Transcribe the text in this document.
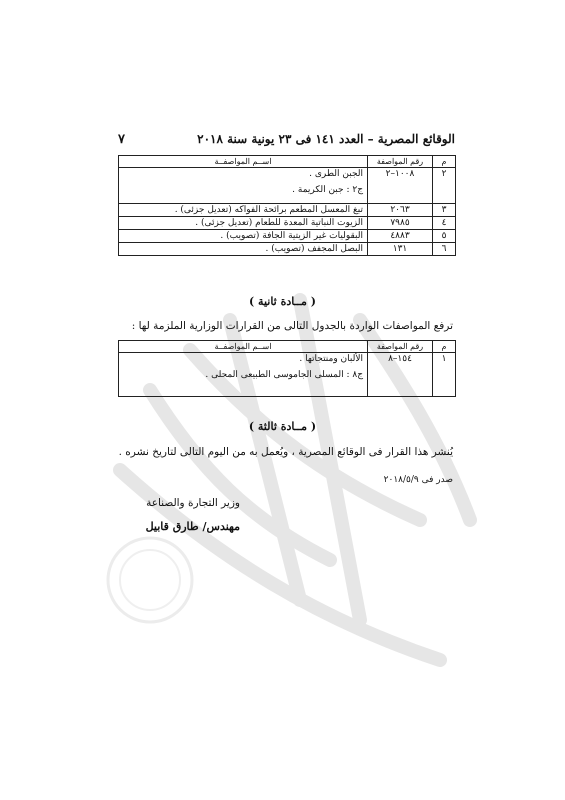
الوقائع المصرية – العدد ١٤١ فى ٢٣ يونية سنة ٢٠١٨
٧
م	رقم المواصفة	اســم المواصفــة
٢	١٠٠٨–٢	الجبن الطرى .
ج٢ : جبن الكريمة .

٣	٢٠٦٣	تبغ المعسل المطعم برائحة الفواكه (تعديل جزئى) .
٤	٧٩٨٥	الزيوت النباتية المعدة للطعام (تعديل جزئى) .
٥	٤٨٨٣	البقوليات غير الزيتية الجافة (تصويب) .
٦	١٣١	البصل المجفف (تصويب) .
( مــادة ثانية )
ترفع المواصفات الواردة بالجدول التالى من القرارات الوزارية الملزمة لها :
م	رقم المواصفة	اســم المواصفــة
١	١٥٤–٨	الألبان ومنتجاتها .
ج٨ : المسلى الجاموسى الطبيعى المحلى .
( مــادة ثالثة )
يُنشر هذا القرار فى الوقائع المصرية ، ويُعمل به من اليوم التالى لتاريخ نشره .
صدر فى ٢٠١٨/٥/٩
وزير التجارة والصناعة
مهندس/ طارق قابيل
